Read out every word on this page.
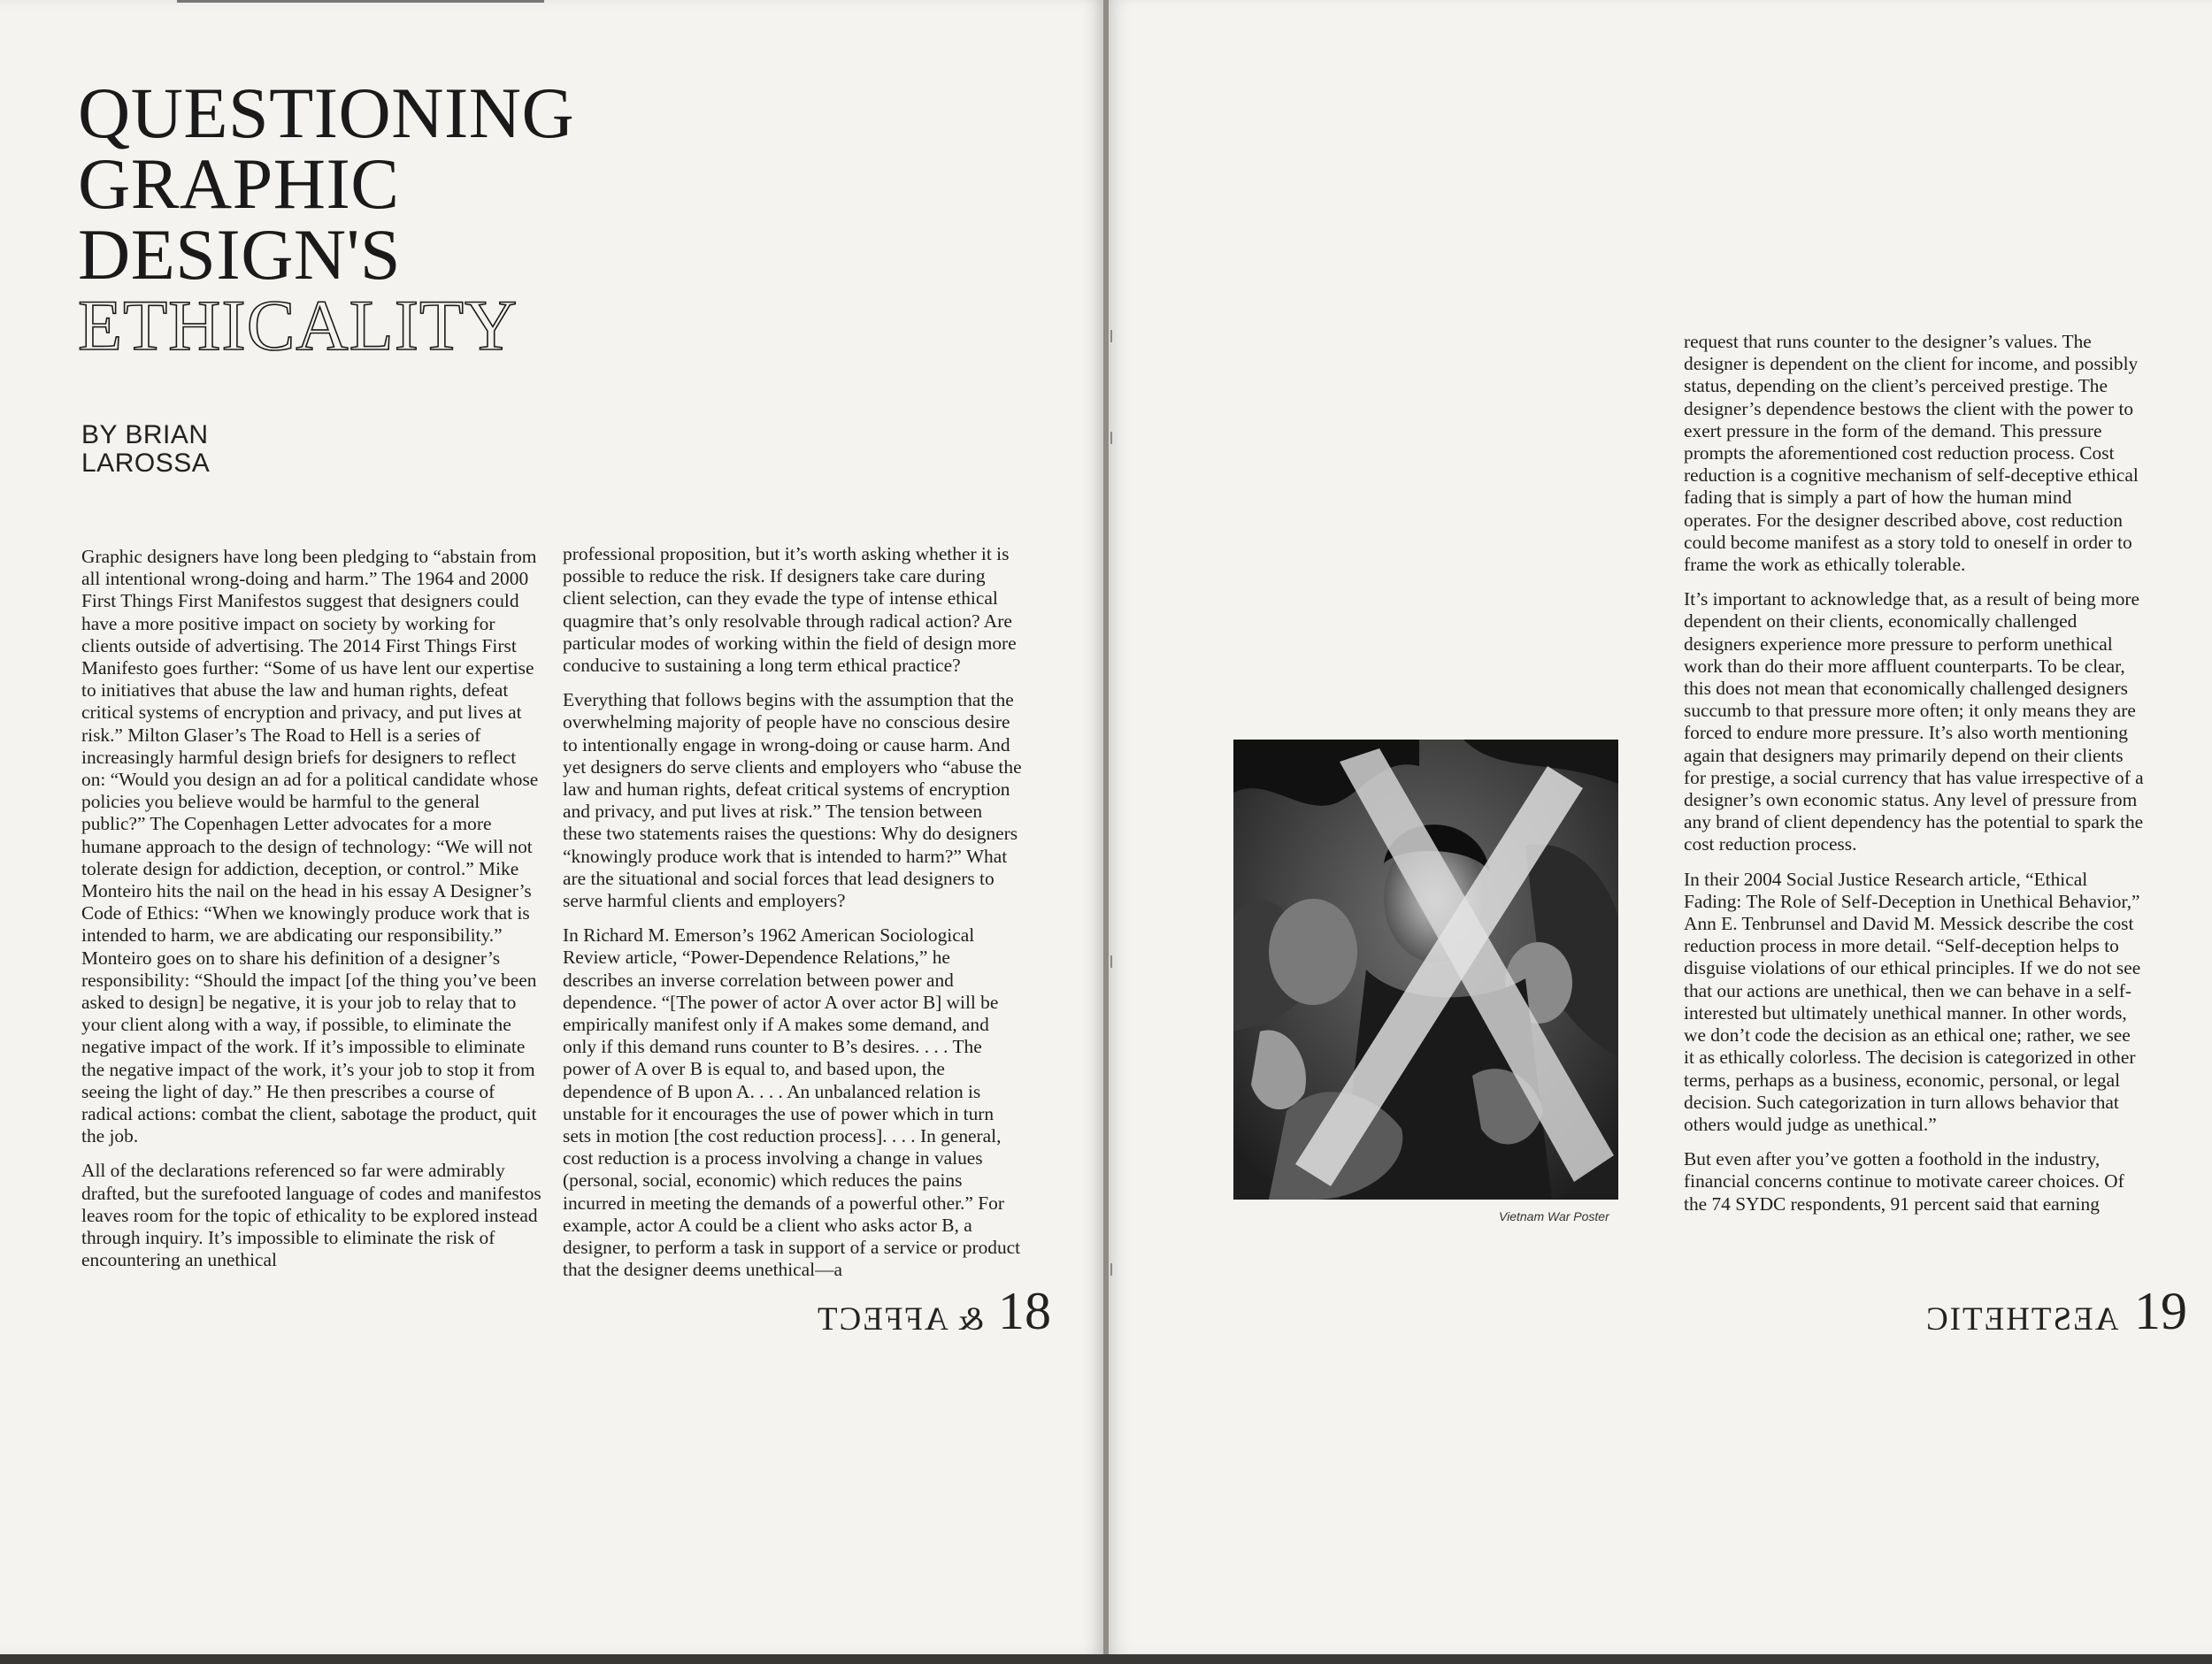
QUESTIONING
GRAPHIC
DESIGN'S
ETHICALITY
BY BRIAN
LAROSSA

Graphic designers have long been pledging to “abstain from all intentional wrong-doing and harm.” The 1964 and 2000 First Things First Manifestos suggest that designers could have a more positive impact on society by working for clients outside of advertising. The 2014 First Things First Manifesto goes further: “Some of us have lent our expertise to initiatives that abuse the law and human rights, defeat critical systems of encryption and privacy, and put lives at risk.” Milton Glaser’s The Road to Hell is a series of increasingly harmful design briefs for designers to reflect on: “Would you design an ad for a political candidate whose policies you believe would be harmful to the general public?” The Copenhagen Letter advocates for a more humane approach to the design of technology: “We will not tolerate design for addiction, deception, or control.” Mike Monteiro hits the nail on the head in his essay A Designer’s Code of Ethics: “When we knowingly produce work that is intended to harm, we are abdicating our responsibility.” Monteiro goes on to share his definition of a designer’s responsibility: “Should the impact [of the thing you’ve been asked to design] be negative, it is your job to relay that to your client along with a way, if possible, to eliminate the negative impact of the work. If it’s impossible to eliminate the negative impact of the work, it’s your job to stop it from seeing the light of day.” He then prescribes a course of radical actions: combat the client, sabotage the product, quit the job.

All of the declarations referenced so far were admirably drafted, but the surefooted language of codes and manifestos leaves room for the topic of ethicality to be explored instead through inquiry. It’s impossible to eliminate the risk of encountering an unethical

professional proposition, but it’s worth asking whether it is possible to reduce the risk. If designers take care during client selection, can they evade the type of intense ethical quagmire that’s only resolvable through radical action? Are particular modes of working within the field of design more conducive to sustaining a long term ethical practice?

Everything that follows begins with the assumption that the overwhelming majority of people have no conscious desire to intentionally engage in wrong-doing or cause harm. And yet designers do serve clients and employers who “abuse the law and human rights, defeat critical systems of encryption and privacy, and put lives at risk.” The tension between these two statements raises the questions: Why do designers “knowingly produce work that is intended to harm?” What are the situational and social forces that lead designers to serve harmful clients and employers?

In Richard M. Emerson’s 1962 American Sociological Review article, “Power-Dependence Relations,” he describes an inverse correlation between power and dependence. “[The power of actor A over actor B] will be empirically manifest only if A makes some demand, and only if this demand runs counter to B’s desires. . . . The power of A over B is equal to, and based upon, the dependence of B upon A. . . . An unbalanced relation is unstable for it encourages the use of power which in turn sets in motion [the cost reduction process]. . . . In general, cost reduction is a process involving a change in values (personal, social, economic) which reduces the pains incurred in meeting the demands of a powerful other.” For example, actor A could be a client who asks actor B, a designer, to perform a task in support of a service or product that the designer deems unethical—a

& AFFECT 18
Vietnam War Poster

request that runs counter to the designer’s values. The designer is dependent on the client for income, and possibly status, depending on the client’s perceived prestige. The designer’s dependence bestows the client with the power to exert pressure in the form of the demand. This pressure prompts the aforementioned cost reduction process. Cost reduction is a cognitive mechanism of self-deceptive ethical fading that is simply a part of how the human mind operates. For the designer described above, cost reduction could become manifest as a story told to oneself in order to frame the work as ethically tolerable.

It’s important to acknowledge that, as a result of being more dependent on their clients, economically challenged designers experience more pressure to perform unethical work than do their more affluent counterparts. To be clear, this does not mean that economically challenged designers succumb to that pressure more often; it only means they are forced to endure more pressure. It’s also worth mentioning again that designers may primarily depend on their clients for prestige, a social currency that has value irrespective of a designer’s own economic status. Any level of pressure from any brand of client dependency has the potential to spark the cost reduction process.

In their 2004 Social Justice Research article, “Ethical Fading: The Role of Self-Deception in Unethical Behavior,” Ann E. Tenbrunsel and David M. Messick describe the cost reduction process in more detail. “Self-deception helps to disguise violations of our ethical principles. If we do not see that our actions are unethical, then we can behave in a self-interested but ultimately unethical manner. In other words, we don’t code the decision as an ethical one; rather, we see it as ethically colorless. The decision is categorized in other terms, perhaps as a business, economic, personal, or legal decision. Such categorization in turn allows behavior that others would judge as unethical.”

But even after you’ve gotten a foothold in the industry, financial concerns continue to motivate career choices. Of the 74 SYDC respondents, 91 percent said that earning

AESTHETIC 19
